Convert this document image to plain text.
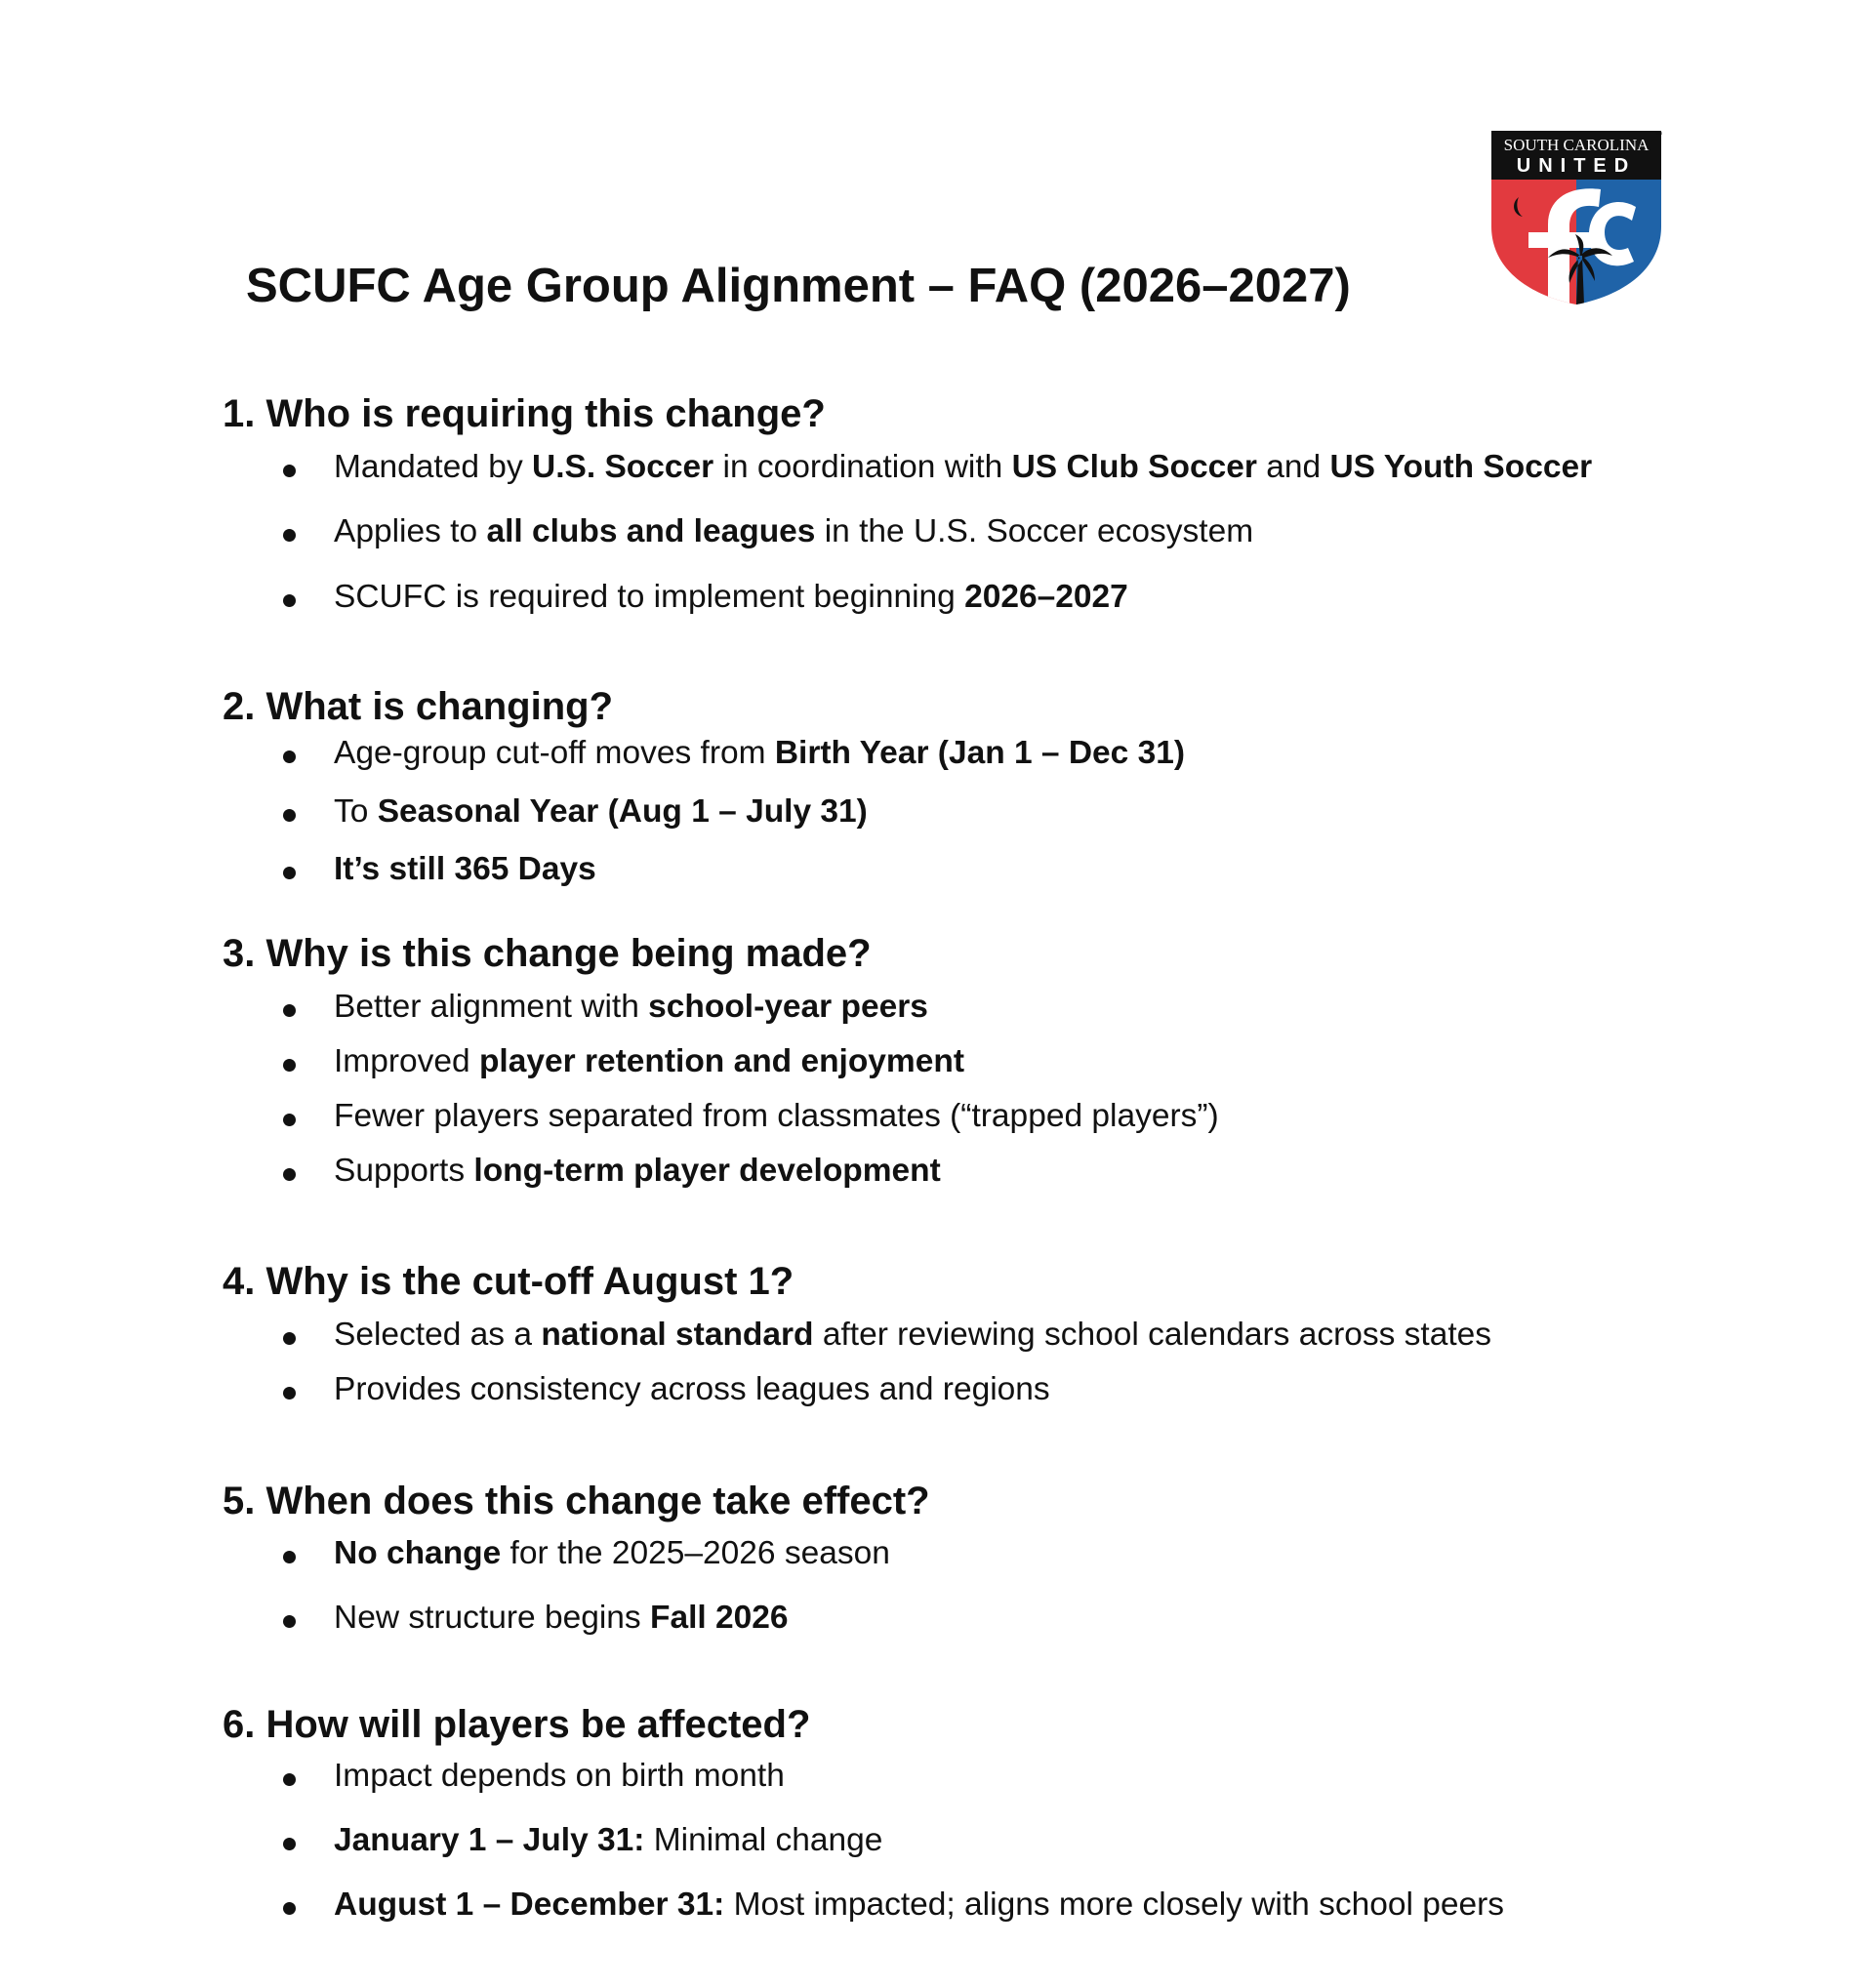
SOUTH CAROLINA
UNITED
™
SCUFC Age Group Alignment – FAQ (2026–2027)
1. Who is requiring this change?
Mandated by U.S. Soccer in coordination with US Club Soccer and US Youth Soccer
Applies to all clubs and leagues in the U.S. Soccer ecosystem
SCUFC is required to implement beginning 2026–2027
2. What is changing?
Age-group cut-off moves from Birth Year (Jan 1 – Dec 31)
To Seasonal Year (Aug 1 – July 31)
It’s still 365 Days
3. Why is this change being made?
Better alignment with school-year peers
Improved player retention and enjoyment
Fewer players separated from classmates (“trapped players”)
Supports long-term player development
4. Why is the cut-off August 1?
Selected as a national standard after reviewing school calendars across states
Provides consistency across leagues and regions
5. When does this change take effect?
No change for the 2025–2026 season
New structure begins Fall 2026
6. How will players be affected?
Impact depends on birth month
January 1 – July 31: Minimal change
August 1 – December 31: Most impacted; aligns more closely with school peers
